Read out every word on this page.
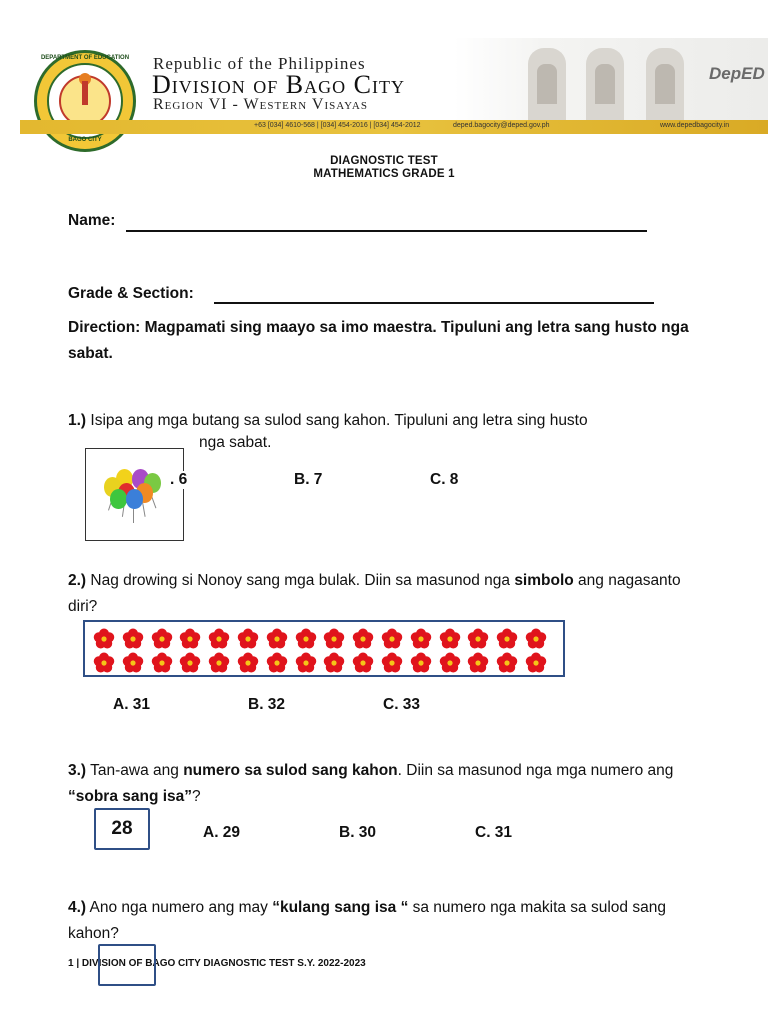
DEPARTMENT OF EDUCATION
BAGO CITY
Republic of the Philippines
Division of Bago City
Region VI - Western Visayas
DepED
+63 [034] 4610-568 | [034] 454-2016 | [034] 454-2012	deped.bagocity@deped.gov.ph	www.depedbagocity.in
DIAGNOSTIC TEST
MATHEMATICS GRADE 1
Name:
Grade & Section:
Direction: Magpamati sing maayo sa imo maestra. Tipuluni ang letra sang husto nga sabat.
1.) Isipa ang mga butang sa sulod sang kahon. Tipuluni ang letra sing husto
nga sabat.
. 6	B. 7	C. 8
2.) Nag drowing si Nonoy sang mga bulak. Diin sa masunod nga simbolo ang nagasanto diri?
A. 31	B. 32	C. 33
3.) Tan-awa ang numero sa sulod sang kahon. Diin sa masunod nga mga numero ang “sobra sang isa”?
28	A. 29	B. 30	C. 31
4.) Ano nga numero ang may “kulang sang isa “ sa numero nga makita sa sulod sang kahon?
1 | DIVISION OF BAGO CITY DIAGNOSTIC TEST S.Y. 2022-2023
